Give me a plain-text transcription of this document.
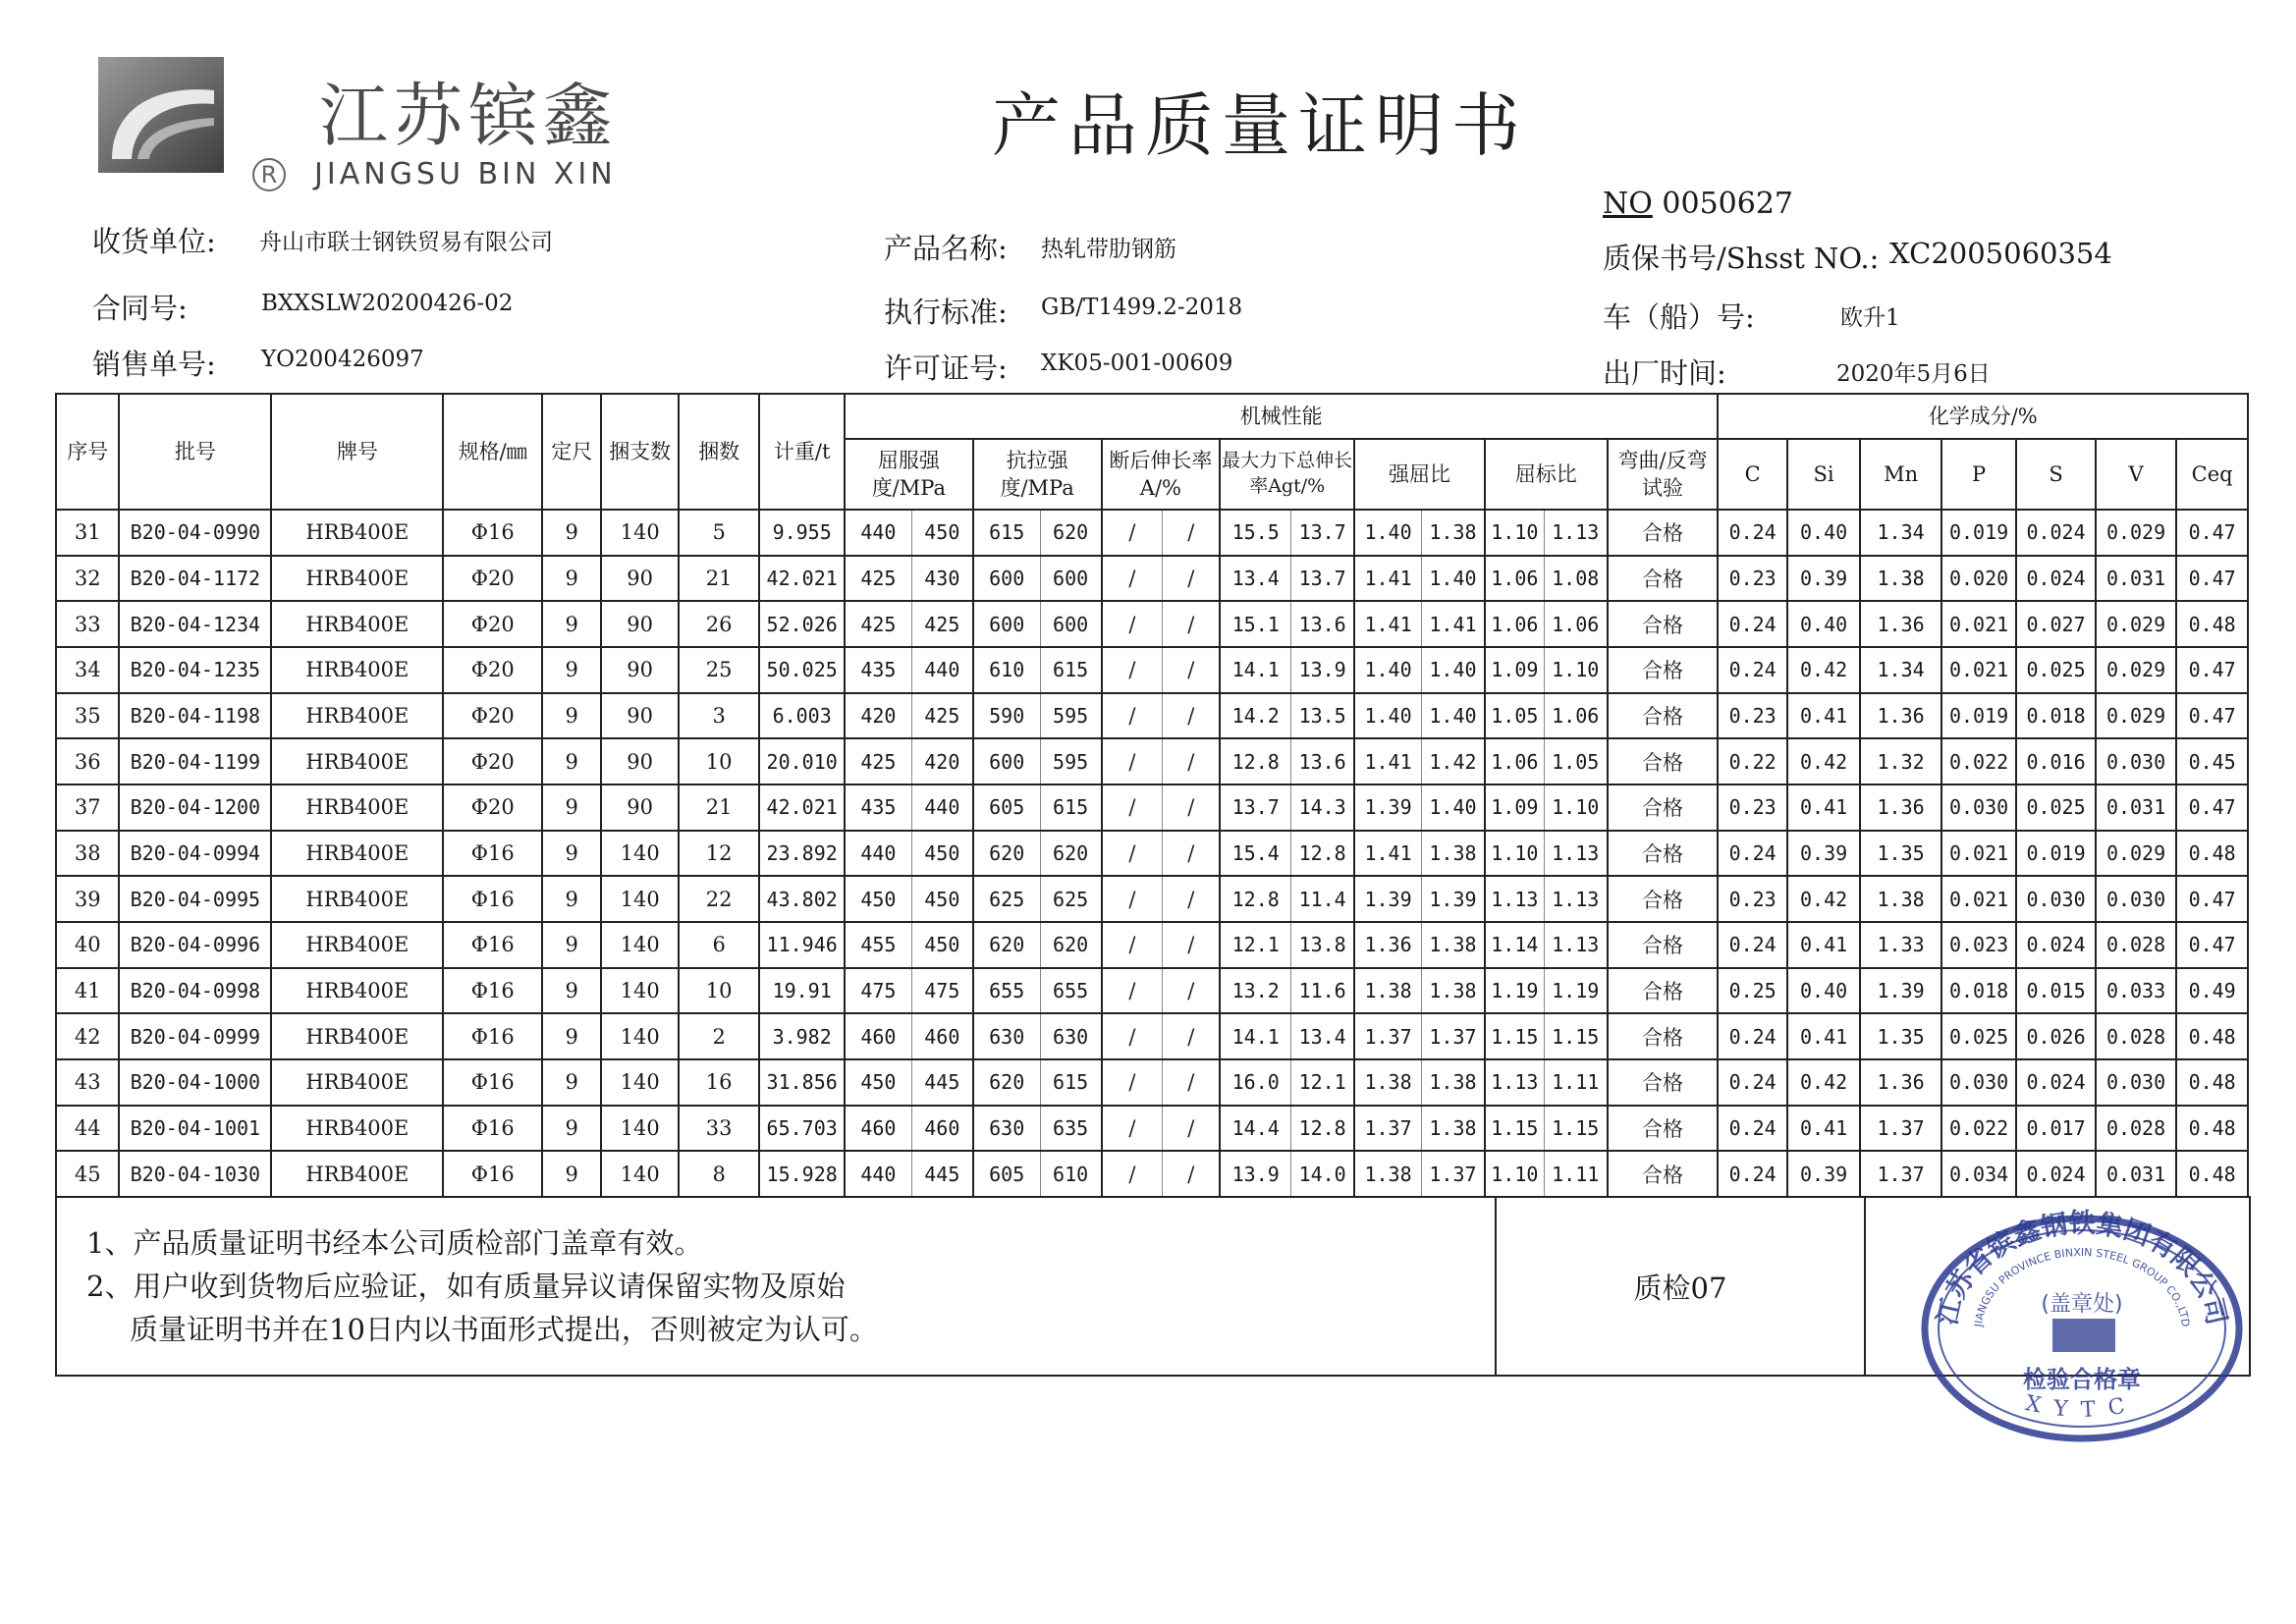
江苏镔鑫
R JIANGSU BIN XIN
产品质量证明书
NO 0050627
收货单位: 舟山市联士钢铁贸易有限公司
合同号:	BXXSLW20200426-02
销售单号: YO200426097
产品名称: 热轧带肋钢筋
执行标准: GB/T1499.2-2018
许可证号: XK05-001-00609
质保书号/Shsst NO.: XC2005060354
车（船）号:	欧升1
出厂时间:	2020年5月6日
序号	批号	牌号	规格/㎜	定尺	捆支数	捆数	计重/t	机械性能													化学成分/%						
								屈服强度/MPa		抗拉强度/MPa		断后伸长率A/%		最大力下总伸长率Agt/%		强屈比		屈标比		弯曲/反弯试验	C	Si	Mn	P	S	V	Ceq
31	B20-04-0990	HRB400E	Φ16	9	140	5	9.955	440	450	615	620	/	/	15.5	13.7	1.40	1.38	1.10	1.13	合格	0.24	0.40	1.34	0.019	0.024	0.029	0.47
32	B20-04-1172	HRB400E	Φ20	9	90	21	42.021	425	430	600	600	/	/	13.4	13.7	1.41	1.40	1.06	1.08	合格	0.23	0.39	1.38	0.020	0.024	0.031	0.47
33	B20-04-1234	HRB400E	Φ20	9	90	26	52.026	425	425	600	600	/	/	15.1	13.6	1.41	1.41	1.06	1.06	合格	0.24	0.40	1.36	0.021	0.027	0.029	0.48
34	B20-04-1235	HRB400E	Φ20	9	90	25	50.025	435	440	610	615	/	/	14.1	13.9	1.40	1.40	1.09	1.10	合格	0.24	0.42	1.34	0.021	0.025	0.029	0.47
35	B20-04-1198	HRB400E	Φ20	9	90	3	6.003	420	425	590	595	/	/	14.2	13.5	1.40	1.40	1.05	1.06	合格	0.23	0.41	1.36	0.019	0.018	0.029	0.47
36	B20-04-1199	HRB400E	Φ20	9	90	10	20.010	425	420	600	595	/	/	12.8	13.6	1.41	1.42	1.06	1.05	合格	0.22	0.42	1.32	0.022	0.016	0.030	0.45
37	B20-04-1200	HRB400E	Φ20	9	90	21	42.021	435	440	605	615	/	/	13.7	14.3	1.39	1.40	1.09	1.10	合格	0.23	0.41	1.36	0.030	0.025	0.031	0.47
38	B20-04-0994	HRB400E	Φ16	9	140	12	23.892	440	450	620	620	/	/	15.4	12.8	1.41	1.38	1.10	1.13	合格	0.24	0.39	1.35	0.021	0.019	0.029	0.48
39	B20-04-0995	HRB400E	Φ16	9	140	22	43.802	450	450	625	625	/	/	12.8	11.4	1.39	1.39	1.13	1.13	合格	0.23	0.42	1.38	0.021	0.030	0.030	0.47
40	B20-04-0996	HRB400E	Φ16	9	140	6	11.946	455	450	620	620	/	/	12.1	13.8	1.36	1.38	1.14	1.13	合格	0.24	0.41	1.33	0.023	0.024	0.028	0.47
41	B20-04-0998	HRB400E	Φ16	9	140	10	19.91	475	475	655	655	/	/	13.2	11.6	1.38	1.38	1.19	1.19	合格	0.25	0.40	1.39	0.018	0.015	0.033	0.49
42	B20-04-0999	HRB400E	Φ16	9	140	2	3.982	460	460	630	630	/	/	14.1	13.4	1.37	1.37	1.15	1.15	合格	0.24	0.41	1.35	0.025	0.026	0.028	0.48
43	B20-04-1000	HRB400E	Φ16	9	140	16	31.856	450	445	620	615	/	/	16.0	12.1	1.38	1.38	1.13	1.11	合格	0.24	0.42	1.36	0.030	0.024	0.030	0.48
44	B20-04-1001	HRB400E	Φ16	9	140	33	65.703	460	460	630	635	/	/	14.4	12.8	1.37	1.38	1.15	1.15	合格	0.24	0.41	1.37	0.022	0.017	0.028	0.48
45	B20-04-1030	HRB400E	Φ16	9	140	8	15.928	440	445	605	610	/	/	13.9	14.0	1.38	1.37	1.10	1.11	合格	0.24	0.39	1.37	0.034	0.024	0.031	0.48
1、产品质量证明书经本公司质检部门盖章有效。
2、用户收到货物后应验证，如有质量异议请保留实物及原始
质量证明书并在10日内以书面形式提出，否则被定为认可。
	质检07	
江苏省镔鑫钢铁集团有限公司
JIANGSU PROVINCE BINXIN STEEL GROUP CO.,LTD
(盖章处)
检验合格章
XYTC
